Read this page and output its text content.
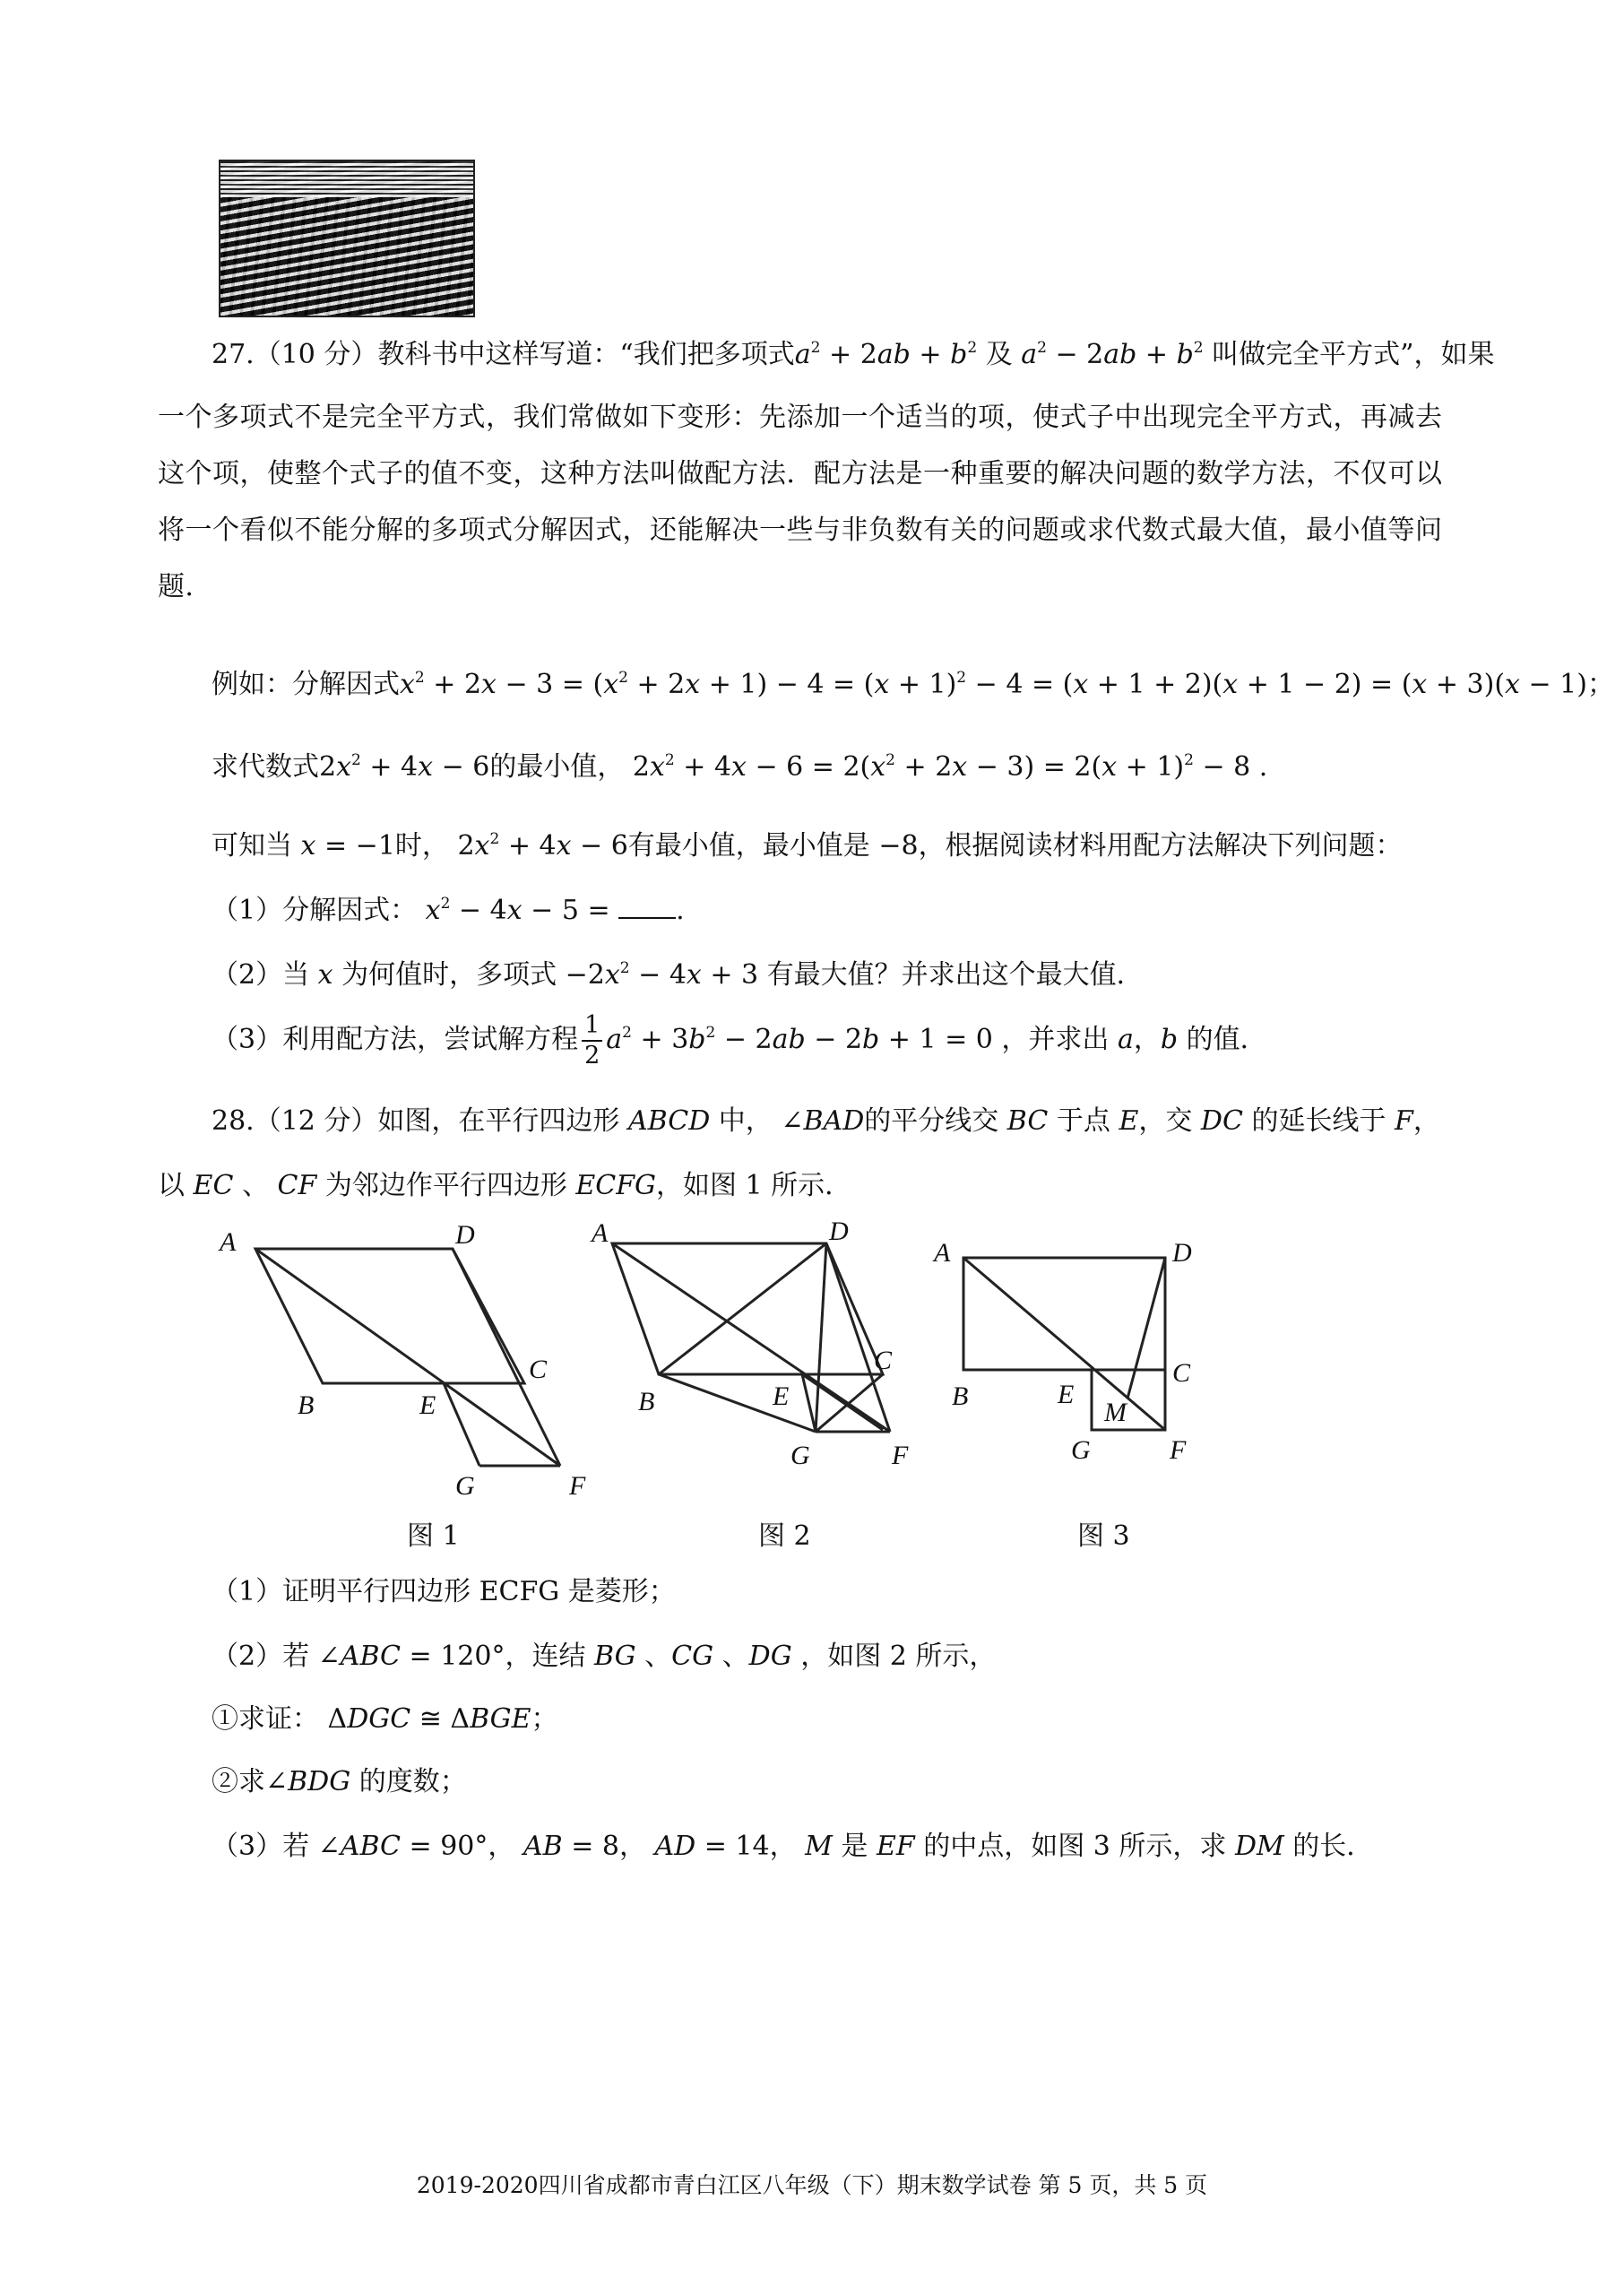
27.（10 分）教科书中这样写道：“我们把多项式$a^2 + 2ab + b^2$ 及 $a^2 - 2ab + b^2$ 叫做完全平方式”，如果
一个多项式不是完全平方式，我们常做如下变形：先添加一个适当的项，使式子中出现完全平方式，再减去这个项，使整个式子的值不变，这种方法叫做配方法．配方法是一种重要的解决问题的数学方法，不仅可以将一个看似不能分解的多项式分解因式，还能解决一些与非负数有关的问题或求代数式最大值，最小值等问题．
例如：分解因式$x^2 + 2x - 3 = (x^2 + 2x + 1) - 4 = (x + 1)^2 - 4 = (x + 1 + 2)(x + 1 - 2) = (x + 3)(x - 1)$；
求代数式$2x^2 + 4x - 6$的最小值， $2x^2 + 4x - 6 = 2(x^2 + 2x - 3) = 2(x + 1)^2 - 8$ .
可知当 x = −1时， $2x^2 + 4x - 6$有最小值，最小值是 −8，根据阅读材料用配方法解决下列问题：
（1）分解因式： $x^2 - 4x - 5$ = .
（2）当 x 为何值时，多项式 $-2x^2 - 4x + 3$ 有最大值？并求出这个最大值．
（3）利用配方法，尝试解方程 $\frac{1}{2} a^2 + 3b^2 - 2ab - 2b + 1 = 0$ ，并求出 a，b 的值．
28.（12 分）如图，在平行四边形 ABCD 中， ∠BAD的平分线交 BC 于点 E，交 DC 的延长线于 F，
以 EC 、 CF 为邻边作平行四边形 ECFG，如图 1 所示．
A	D
C
B	E
G	F
A	D
C
B	E
G	F
A	D
C
B	E
M
G	F
图 1	图 2	图 3
（1）证明平行四边形 ECFG 是菱形；
（2）若 ∠ABC = 120°，连结 BG 、CG 、DG ，如图 2 所示，
①求证： ΔDGC ≅ ΔBGE；
②求∠BDG 的度数；
（3）若 ∠ABC = 90°， AB = 8， AD = 14， M 是 EF 的中点，如图 3 所示，求 DM 的长．
2019-2020四川省成都市青白江区八年级（下）期末数学试卷 第 5 页，共 5 页
